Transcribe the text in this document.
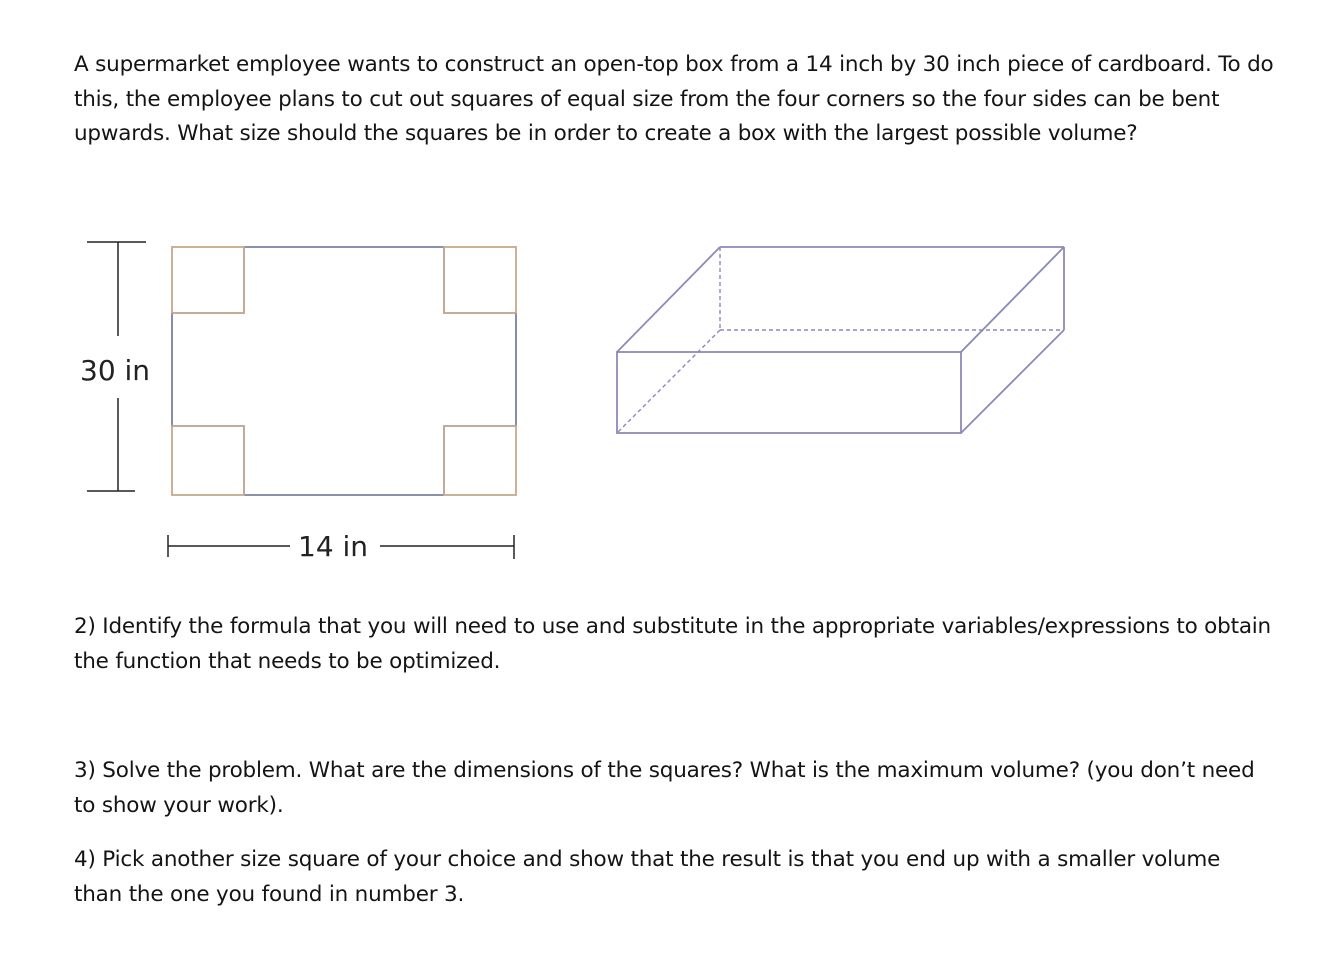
A supermarket employee wants to construct an open-top box from a 14 inch by 30 inch piece of cardboard. To do this, the employee plans to cut out squares of equal size from the four corners so the four sides can be bent upwards. What size should the squares be in order to create a box with the largest possible volume?

30 in
14 in

2) Identify the formula that you will need to use and substitute in the appropriate variables/expressions to obtain the function that needs to be optimized.

3) Solve the problem. What are the dimensions of the squares? What is the maximum volume? (you don’t need to show your work).

4) Pick another size square of your choice and show that the result is that you end up with a smaller volume than the one you found in number 3.
